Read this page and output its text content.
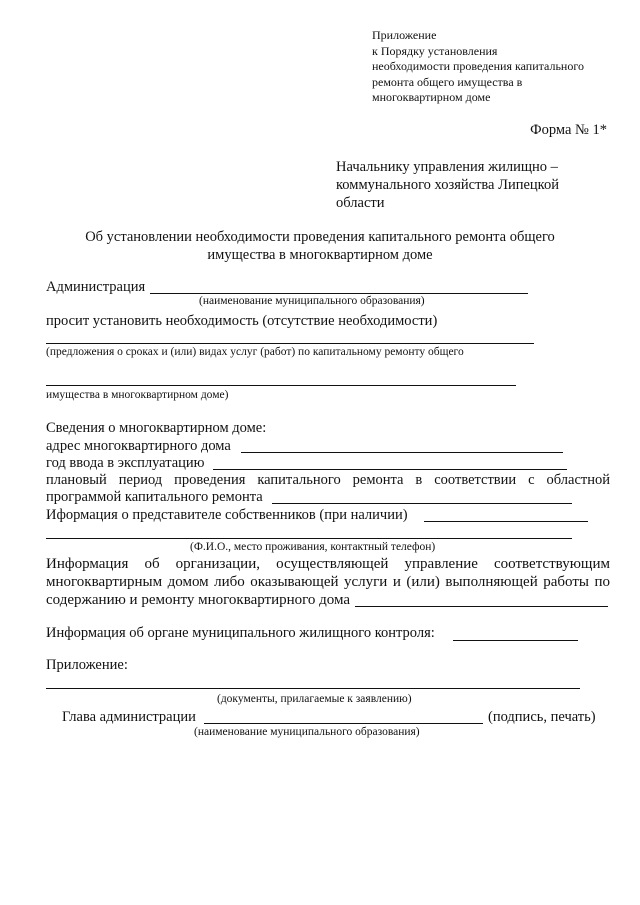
Приложение
к Порядку установления
необходимости проведения капитального
ремонта общего имущества в
многоквартирном доме
Форма № 1*
Начальнику управления жилищно –
коммунального хозяйства Липецкой
области
Об установлении необходимости проведения капитального ремонта общего
имущества в многоквартирном доме
Администрация
(наименование муниципального образования)
просит установить необходимость (отсутствие необходимости)
(предложения о сроках и (или) видах услуг (работ) по капитальному ремонту общего
имущества в многоквартирном доме)
Сведения о многоквартирном доме:
адрес многоквартирного дома
год ввода в эксплуатацию
плановый период проведения капитального ремонта в соответствии с областной
программой капитального ремонта
Иформация о представителе собственников (при наличии)
(Ф.И.О., место проживания, контактный телефон)
Информация об организации, осуществляющей управление соответствующим
многоквартирным домом либо оказывающей услуги и (или) выполняющей работы по
содержанию и ремонту многоквартирного дома
Информация об органе муниципального жилищного контроля:
Приложение:
(документы, прилагаемые к заявлению)
Глава администрации	(подпись, печать)
(наименование муниципального образования)
